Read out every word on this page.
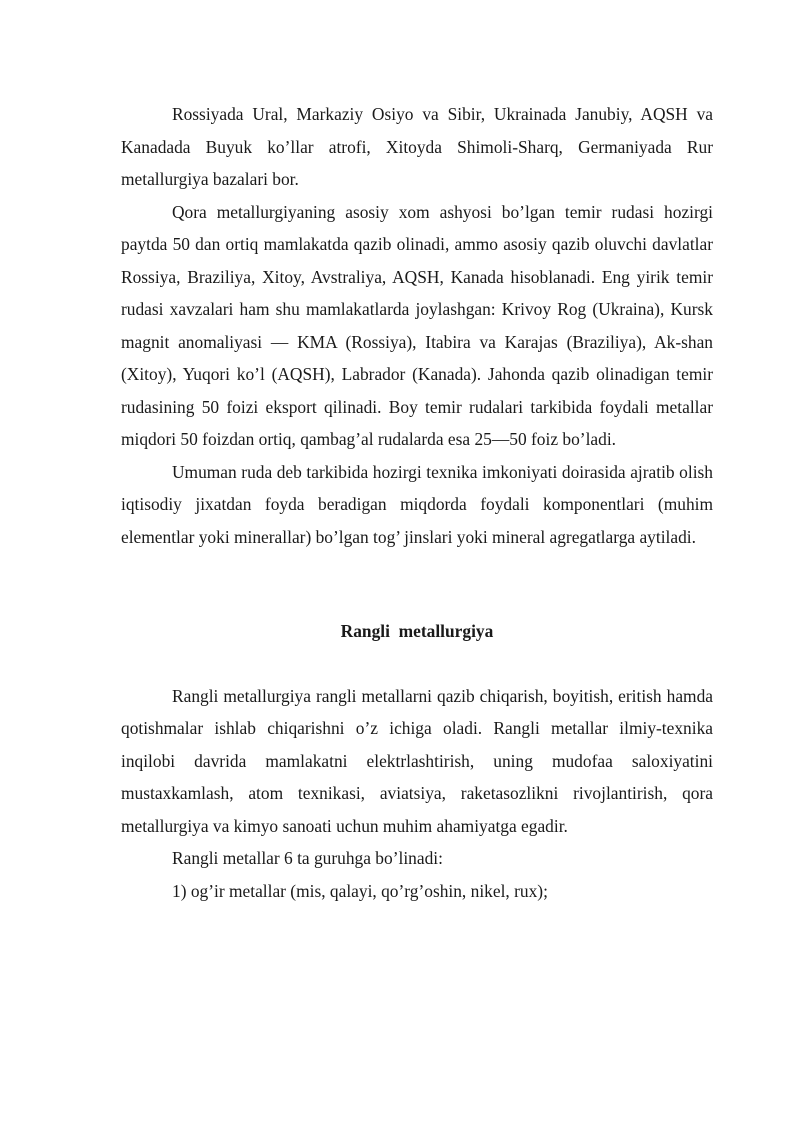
Rossiyada Ural, Markaziy Osiyo va Sibir, Ukrainada Janubiy, AQSH va Kanadada Buyuk ko’llar atrofi, Xitoyda Shimoli-Sharq, Germaniyada Rur metallurgiya bazalari bor.

Qora metallurgiyaning asosiy xom ashyosi bo’lgan temir rudasi hozirgi paytda 50 dan ortiq mamlakatda qazib olinadi, ammo asosiy qazib oluvchi davlatlar Rossiya, Braziliya, Xitoy, Avstraliya, AQSH, Kanada hisoblanadi. Eng yirik temir rudasi xavzalari ham shu mamlakatlarda joylashgan: Krivoy Rog (Ukraina), Kursk magnit anomaliyasi — KMA (Rossiya), Itabira va Karajas (Braziliya), Ak-shan (Xitoy), Yuqori ko’l (AQSH), Labrador (Kanada). Jahonda qazib olinadigan temir rudasining 50 foizi eksport qilinadi. Boy temir rudalari tarkibida foydali metallar miqdori 50 foizdan ortiq, qambag’al rudalarda esa 25—50 foiz bo’ladi.

Umuman ruda deb tarkibida hozirgi texnika imkoniyati doirasida ajratib olish iqtisodiy jixatdan foyda beradigan miqdorda foydali komponentlari (muhim elementlar yoki minerallar) bo’lgan tog’ jinslari yoki mineral agregatlarga aytiladi.

Rangli  metallurgiya

Rangli metallurgiya rangli metallarni qazib chiqarish, boyitish, eritish hamda qotishmalar ishlab chiqarishni o’z ichiga oladi. Rangli metallar ilmiy-texnika inqilobi davrida mamlakatni elektrlashtirish, uning mudofaa saloxiyatini mustaxkamlash, atom texnikasi, aviatsiya, raketasozlikni rivojlantirish, qora metallurgiya va kimyo sanoati uchun muhim ahamiyatga egadir.

Rangli metallar 6 ta guruhga bo’linadi:

1) og’ir metallar (mis, qalayi, qo’rg’oshin, nikel, rux);
